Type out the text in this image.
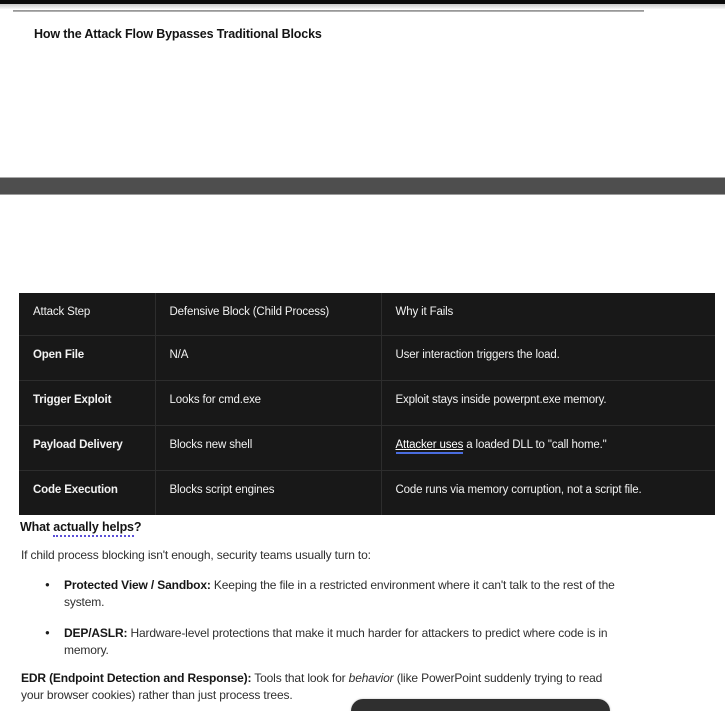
How the Attack Flow Bypasses Traditional Blocks
Attack Step	Defensive Block (Child Process)	Why it Fails
Open File	N/A	User interaction triggers the load.
Trigger Exploit	Looks for cmd.exe	Exploit stays inside powerpnt.exe memory.
Payload Delivery	Blocks new shell	Attacker uses a loaded DLL to "call home."
Code Execution	Blocks script engines	Code runs via memory corruption, not a script file.
What actually helps?
If child process blocking isn't enough, security teams usually turn to:
●	Protected View / Sandbox: Keeping the file in a restricted environment where it can't talk to the rest of the system.
●	DEP/ASLR: Hardware-level protections that make it much harder for attackers to predict where code is in memory.
EDR (Endpoint Detection and Response): Tools that look for behavior (like PowerPoint suddenly trying to read your browser cookies) rather than just process trees.
